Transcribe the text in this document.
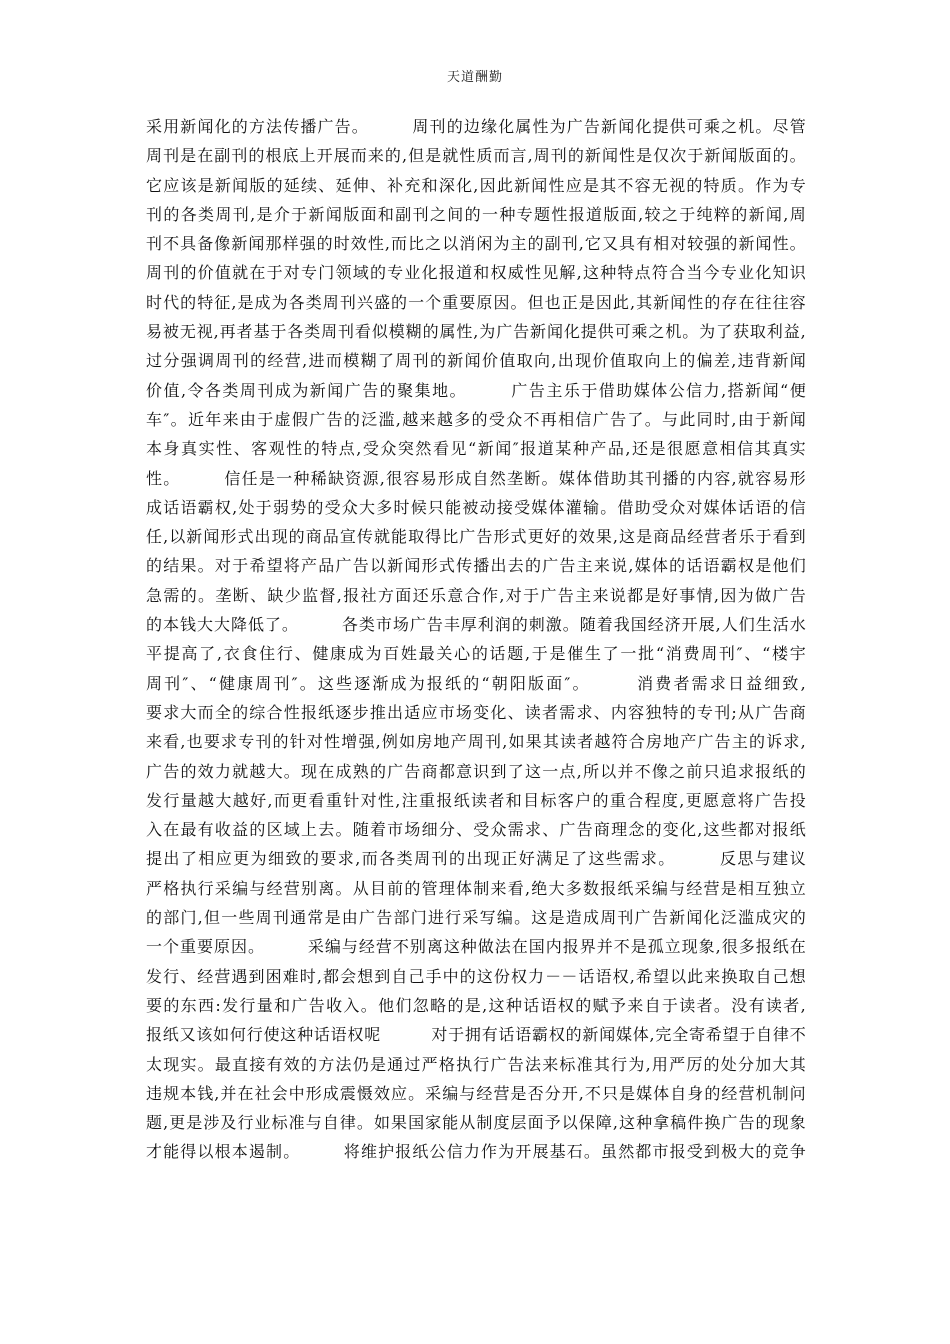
天道酬勤
采用新闻化的方法传播广告。　　　周刊的边缘化属性为广告新闻化提供可乘之机。尽管
周刊是在副刊的根底上开展而来的,但是就性质而言,周刊的新闻性是仅次于新闻版面的。
它应该是新闻版的延续、延伸、补充和深化,因此新闻性应是其不容无视的特质。作为专
刊的各类周刊,是介于新闻版面和副刊之间的一种专题性报道版面,较之于纯粹的新闻,周
刊不具备像新闻那样强的时效性,而比之以消闲为主的副刊,它又具有相对较强的新闻性。
周刊的价值就在于对专门领域的专业化报道和权威性见解,这种特点符合当今专业化知识
时代的特征,是成为各类周刊兴盛的一个重要原因。但也正是因此,其新闻性的存在往往容
易被无视,再者基于各类周刊看似模糊的属性,为广告新闻化提供可乘之机。为了获取利益,
过分强调周刊的经营,进而模糊了周刊的新闻价值取向,出现价值取向上的偏差,违背新闻
价值,令各类周刊成为新闻广告的聚集地。　　　广告主乐于借助媒体公信力,搭新闻“便
车″。近年来由于虚假广告的泛滥,越来越多的受众不再相信广告了。与此同时,由于新闻
本身真实性、客观性的特点,受众突然看见“新闻″报道某种产品,还是很愿意相信其真实
性。　　　信任是一种稀缺资源,很容易形成自然垄断。媒体借助其刊播的内容,就容易形
成话语霸权,处于弱势的受众大多时候只能被动接受媒体灌输。借助受众对媒体话语的信
任,以新闻形式出现的商品宣传就能取得比广告形式更好的效果,这是商品经营者乐于看到
的结果。对于希望将产品广告以新闻形式传播出去的广告主来说,媒体的话语霸权是他们
急需的。垄断、缺少监督,报社方面还乐意合作,对于广告主来说都是好事情,因为做广告
的本钱大大降低了。　　　各类市场广告丰厚利润的刺激。随着我国经济开展,人们生活水
平提高了,衣食住行、健康成为百姓最关心的话题,于是催生了一批“消费周刊″、“楼宇
周刊″、“健康周刊″。这些逐渐成为报纸的“朝阳版面″。　　　消费者需求日益细致,
要求大而全的综合性报纸逐步推出适应市场变化、读者需求、内容独特的专刊;从广告商
来看,也要求专刊的针对性增强,例如房地产周刊,如果其读者越符合房地产广告主的诉求,
广告的效力就越大。现在成熟的广告商都意识到了这一点,所以并不像之前只追求报纸的
发行量越大越好,而更看重针对性,注重报纸读者和目标客户的重合程度,更愿意将广告投
入在最有收益的区域上去。随着市场细分、受众需求、广告商理念的变化,这些都对报纸
提出了相应更为细致的要求,而各类周刊的出现正好满足了这些需求。　　　反思与建议
严格执行采编与经营别离。从目前的管理体制来看,绝大多数报纸采编与经营是相互独立
的部门,但一些周刊通常是由广告部门进行采写编。这是造成周刊广告新闻化泛滥成灾的
一个重要原因。　　　采编与经营不别离这种做法在国内报界并不是孤立现象,很多报纸在
发行、经营遇到困难时,都会想到自己手中的这份权力－－话语权,希望以此来换取自己想
要的东西:发行量和广告收入。他们忽略的是,这种话语权的赋予来自于读者。没有读者,
报纸又该如何行使这种话语权呢　　　对于拥有话语霸权的新闻媒体,完全寄希望于自律不
太现实。最直接有效的方法仍是通过严格执行广告法来标准其行为,用严厉的处分加大其
违规本钱,并在社会中形成震慑效应。采编与经营是否分开,不只是媒体自身的经营机制问
题,更是涉及行业标准与自律。如果国家能从制度层面予以保障,这种拿稿件换广告的现象
才能得以根本遏制。　　　将维护报纸公信力作为开展基石。虽然都市报受到极大的竞争
